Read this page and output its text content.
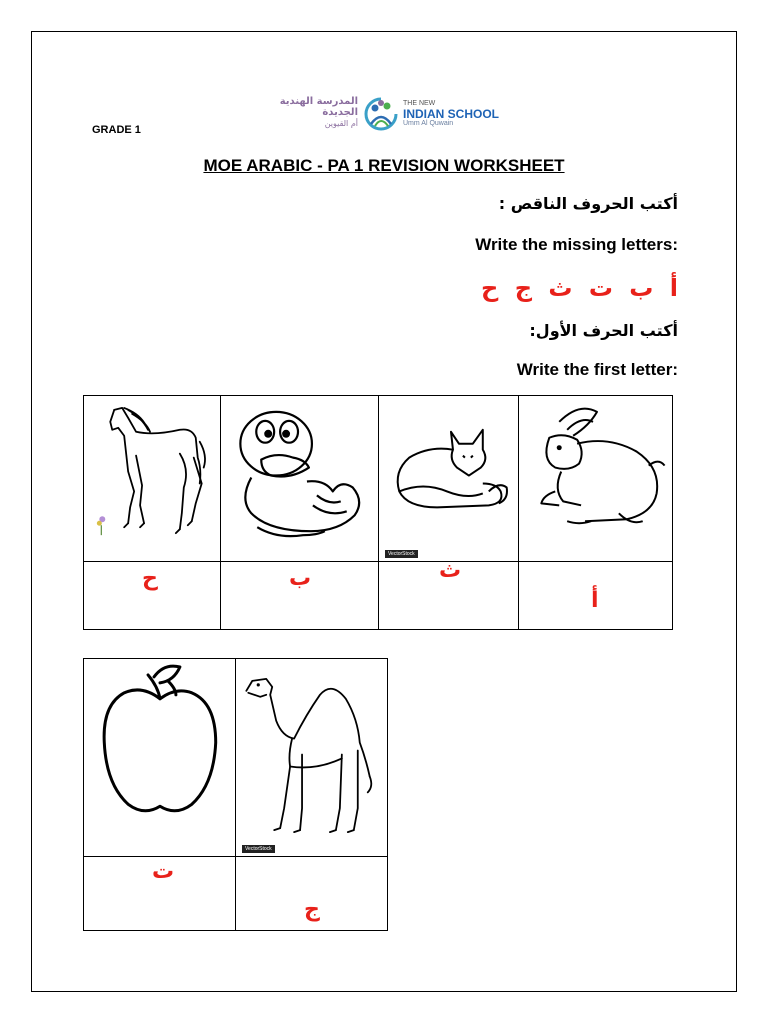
GRADE 1
المدرسة الهندية
الجديدة
أم القيوين
THE NEW
INDIAN SCHOOL
Umm Al Quwain
MOE ARABIC - PA 1 REVISION WORKSHEET
أكتب الحروف الناقص :
Write the missing letters:
أ ب ت ث ج ح
أكتب الحرف الأول:
Write the first letter:

VectorStock

ح	ب	ث	أ

VectorStock

ت	ج
